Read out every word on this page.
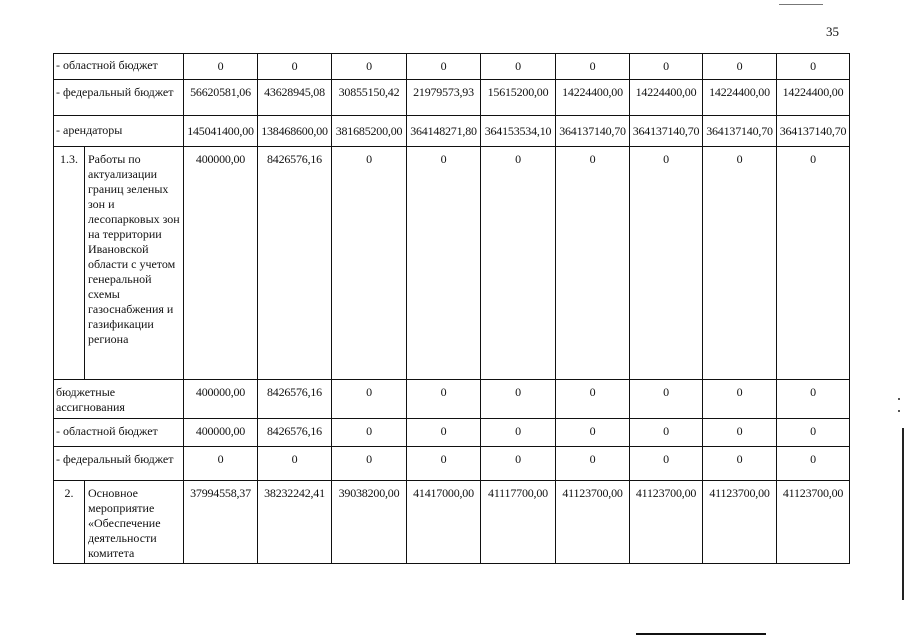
35
- областной бюджет		0	0	0	0	0	0	0	0	0
- федеральный бюджет		56620581,06	43628945,08	30855150,42	21979573,93	15615200,00	14224400,00	14224400,00	14224400,00	14224400,00
- арендаторы		145041400,00	138468600,00	381685200,00	364148271,80	364153534,10	364137140,70	364137140,70	364137140,70	364137140,70
1.3.	Работы по актуализации границ зеленых зон и лесопарковых зон на территории Ивановской области с учетом генеральной схемы газоснабжения и газификации региона	400000,00	8426576,16	0	0	0	0	0	0	0
бюджетные ассигнования		400000,00	8426576,16	0	0	0	0	0	0	0
- областной бюджет		400000,00	8426576,16	0	0	0	0	0	0	0
- федеральный бюджет		0	0	0	0	0	0	0	0	0
2.	Основное мероприятие «Обеспечение деятельности комитета	37994558,37	38232242,41	39038200,00	41417000,00	41117700,00	41123700,00	41123700,00	41123700,00	41123700,00
